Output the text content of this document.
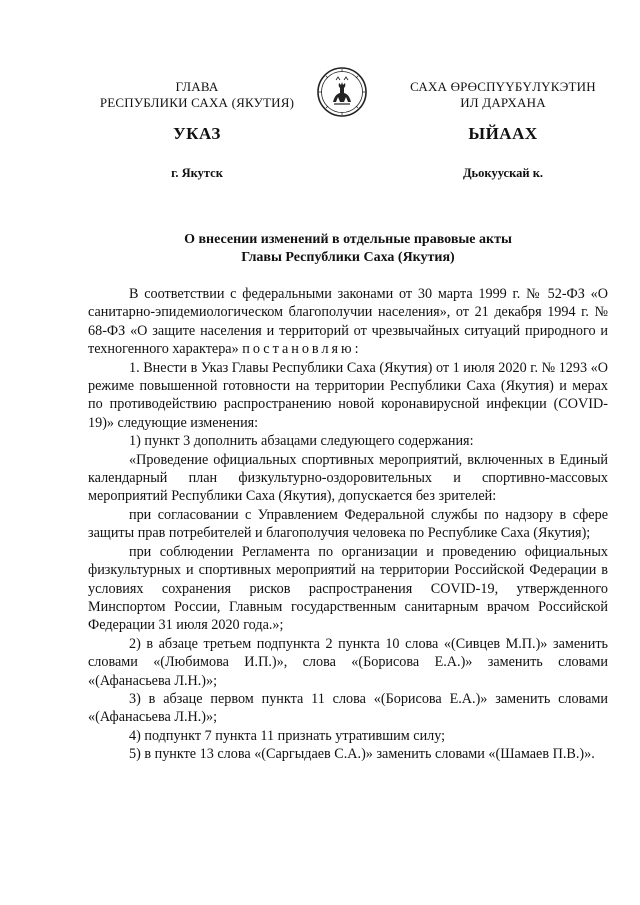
ГЛАВА
РЕСПУБЛИКИ САХА (ЯКУТИЯ)
САХА ӨРӨСПҮҮБҮЛҮКЭТИН
ИЛ ДАРХАНА
УКАЗ	ЫЙААХ
г. Якутск	Дьокуускай к.
О внесении изменений в отдельные правовые акты
Главы Республики Саха (Якутия)

В соответствии с федеральными законами от 30 марта 1999 г. № 52-ФЗ «О санитарно-эпидемиологическом благополучии населения», от 21 декабря 1994 г. № 68-ФЗ «О защите населения и территорий от чрезвычайных ситуаций природного и техногенного характера» постановляю:

1. Внести в Указ Главы Республики Саха (Якутия) от 1 июля 2020 г. № 1293 «О режиме повышенной готовности на территории Республики Саха (Якутия) и мерах по противодействию распространению новой коронавирусной инфекции (COVID-19)» следующие изменения:

1) пункт 3 дополнить абзацами следующего содержания:

«Проведение официальных спортивных мероприятий, включенных в Единый календарный план физкультурно-оздоровительных и спортивно-массовых мероприятий Республики Саха (Якутия), допускается без зрителей:

при согласовании с Управлением Федеральной службы по надзору в сфере защиты прав потребителей и благополучия человека по Республике Саха (Якутия);

при соблюдении Регламента по организации и проведению официальных физкультурных и спортивных мероприятий на территории Российской Федерации в условиях сохранения рисков распространения COVID-19, утвержденного Минспортом России, Главным государственным санитарным врачом Российской Федерации 31 июля 2020 года.»;

2) в абзаце третьем подпункта 2 пункта 10 слова «(Сивцев М.П.)» заменить словами «(Любимова И.П.)», слова «(Борисова Е.А.)» заменить словами «(Афанасьева Л.Н.)»;

3) в абзаце первом пункта 11 слова «(Борисова Е.А.)» заменить словами «(Афанасьева Л.Н.)»;

4) подпункт 7 пункта 11 признать утратившим силу;

5) в пункте 13 слова «(Саргыдаев С.А.)» заменить словами «(Шамаев П.В.)».
